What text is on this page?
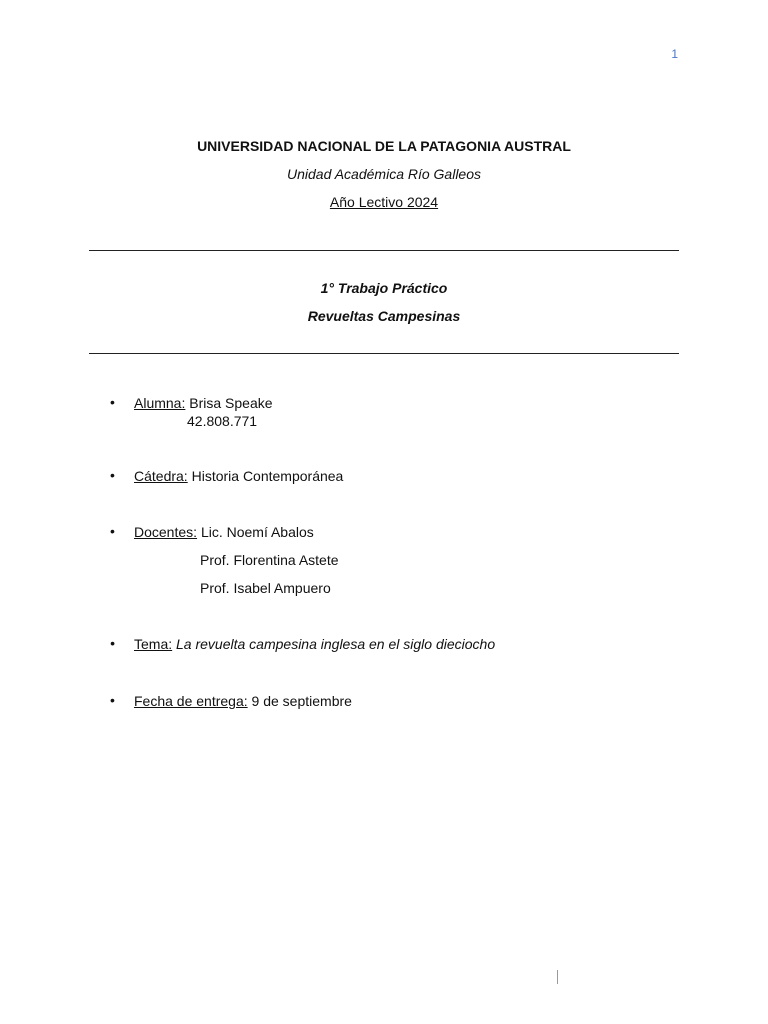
1
UNIVERSIDAD NACIONAL DE LA PATAGONIA AUSTRAL
Unidad Académica Río Galleos
Año Lectivo 2024
1° Trabajo Práctico
Revueltas Campesinas
•	Alumna: Brisa Speake
42.808.771
•	Cátedra: Historia Contemporánea
•	Docentes: Lic. Noemí Abalos
Prof. Florentina Astete
Prof. Isabel Ampuero
•	Tema: La revuelta campesina inglesa en el siglo dieciocho
•	Fecha de entrega: 9 de septiembre
